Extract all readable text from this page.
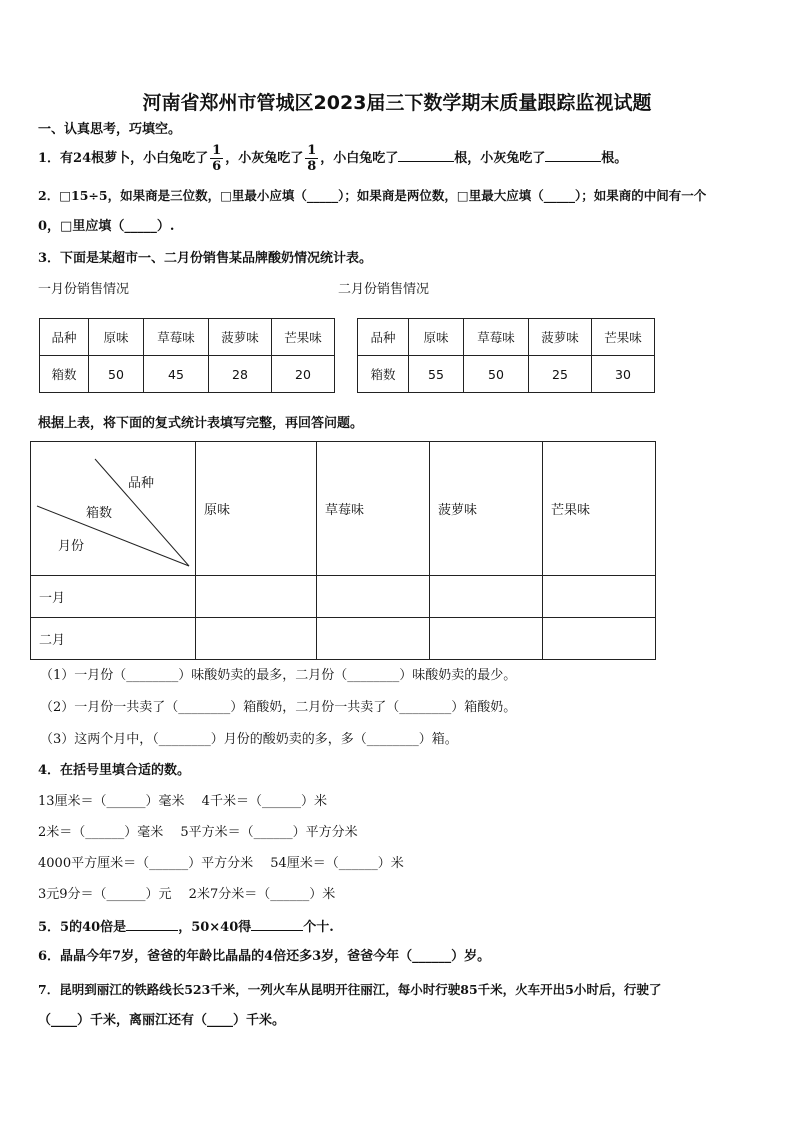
河南省郑州市管城区2023届三下数学期末质量跟踪监视试题
一、认真思考，巧填空。
1．有24根萝卜，小白兔吃了 $\frac{1}{6}$ ，小灰兔吃了 $\frac{1}{8}$ ，小白兔吃了	根，小灰兔吃了	根。
2．□15÷5，如果商是三位数，□里最小应填（_____）；如果商是两位数，□里最大应填（_____）；如果商的中间有一个
0，□里应填（_____）.
3．下面是某超市一、二月份销售某品牌酸奶情况统计表。
一月份销售情况	二月份销售情况
品种	原味	草莓味	菠萝味	芒果味
箱数	50	45	28	20
品种	原味	草莓味	菠萝味	芒果味
箱数	55	50	25	30
根据上表，将下面的复式统计表填写完整，再回答问题。
品种
箱数
月份	原味	草莓味	菠萝味	芒果味
一月				
二月				
（1）一月份（________）味酸奶卖的最多，二月份（________）味酸奶卖的最少。
（2）一月份一共卖了（________）箱酸奶，二月份一共卖了（________）箱酸奶。
（3）这两个月中，（________）月份的酸奶卖的多，多（________）箱。
4．在括号里填合适的数。
13厘米＝（______）毫米　 4千米＝（______）米
2米＝（______）毫米　 5平方米＝（______）平方分米
4000平方厘米＝（______）平方分米　 54厘米＝（______）米
3元9分＝（______）元　 2米7分米＝（______）米
5．5的40倍是	，50×40得	个十.
6．晶晶今年7岁，爸爸的年龄比晶晶的4倍还多3岁，爸爸今年（______）岁。
7．昆明到丽江的铁路线长523千米，一列火车从昆明开往丽江，每小时行驶85千米，火车开出5小时后，行驶了
（____）千米，离丽江还有（____）千米。
